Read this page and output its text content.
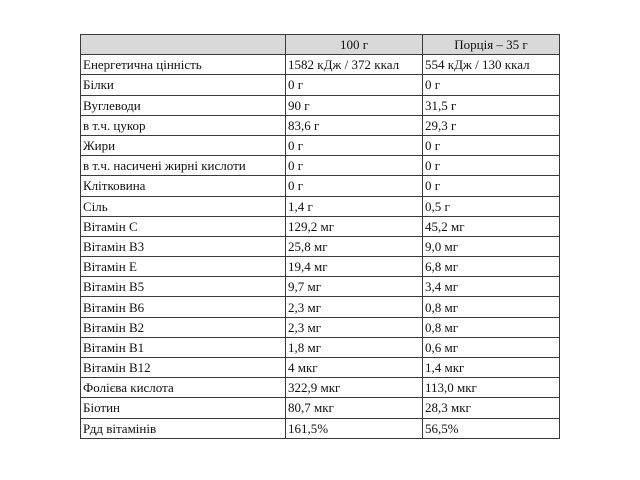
	100 г	Порція – 35 г
Енергетична цінність	1582 кДж / 372 ккал	554 кДж / 130 ккал
Білки	0 г	0 г
Вуглеводи	90 г	31,5 г
в т.ч. цукор	83,6 г	29,3 г
Жири	0 г	0 г
в т.ч. насичені жирні кислоти	0 г	0 г
Клітковина	0 г	0 г
Сіль	1,4 г	0,5 г
Вітамін С	129,2 мг	45,2 мг
Вітамін В3	25,8 мг	9,0 мг
Вітамін Е	19,4 мг	6,8 мг
Вітамін В5	9,7 мг	3,4 мг
Вітамін В6	2,3 мг	0,8 мг
Вітамін В2	2,3 мг	0,8 мг
Вітамін В1	1,8 мг	0,6 мг
Вітамін В12	4 мкг	1,4 мкг
Фолієва кислота	322,9 мкг	113,0 мкг
Біотин	80,7 мкг	28,3 мкг
Рдд вітамінів	161,5%	56,5%
